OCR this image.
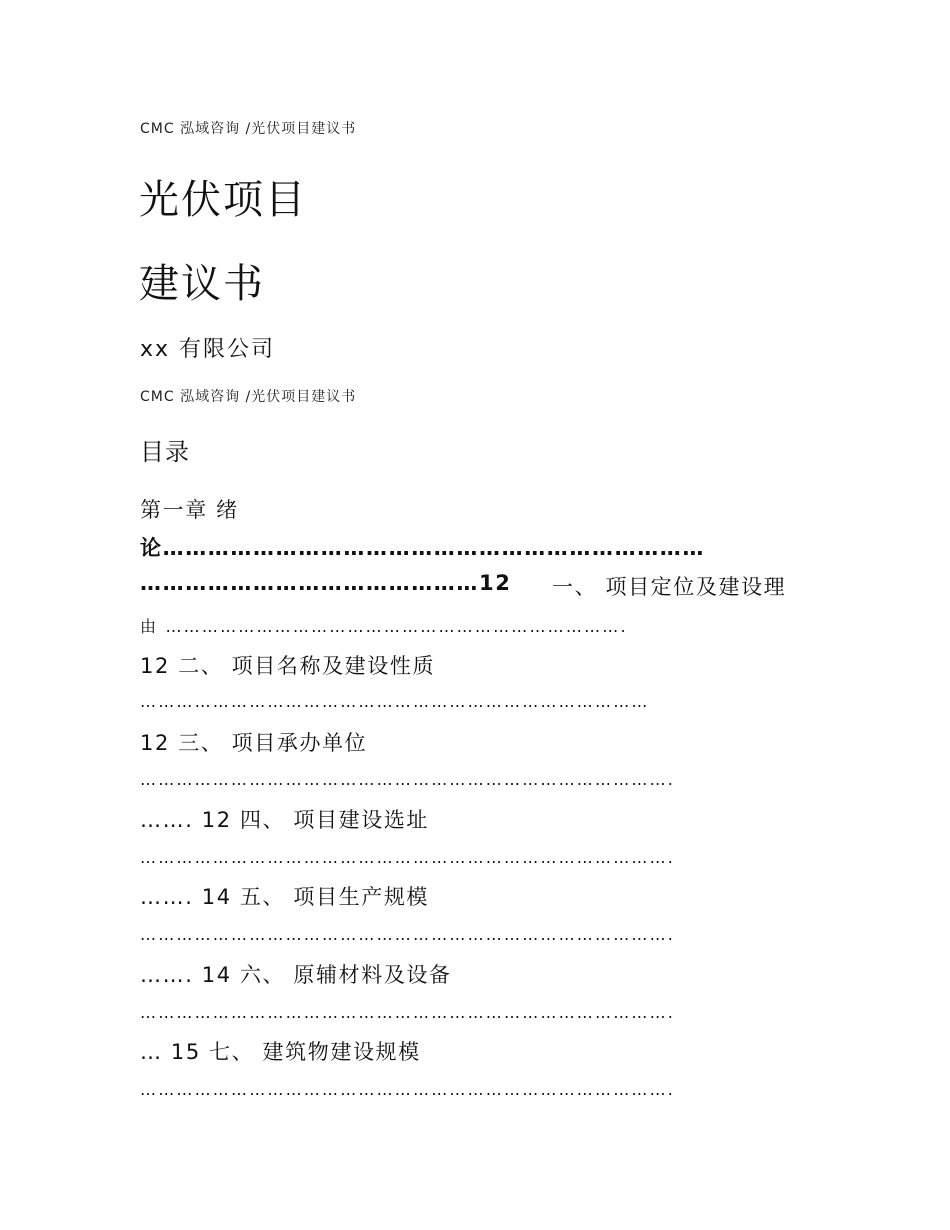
CMC 泓域咨询 /光伏项目建议书
光伏项目
建议书
xx 有限公司
CMC 泓域咨询 /光伏项目建议书
目录
第一章 绪
论………………………………………………………………
………………………………………12 一、 项目定位及建设理
由 ………………………………………………………………….
12 二、 项目名称及建设性质
…………………………………………………………………………
12 三、 项目承办单位
…………………………………………………………………………….
……. 12 四、 项目建设选址
…………………………………………………………………………….
……. 14 五、 项目生产规模
…………………………………………………………………………….
……. 14 六、 原辅材料及设备
…………………………………………………………………………….
… 15 七、 建筑物建设规模
…………………………………………………………………………….
